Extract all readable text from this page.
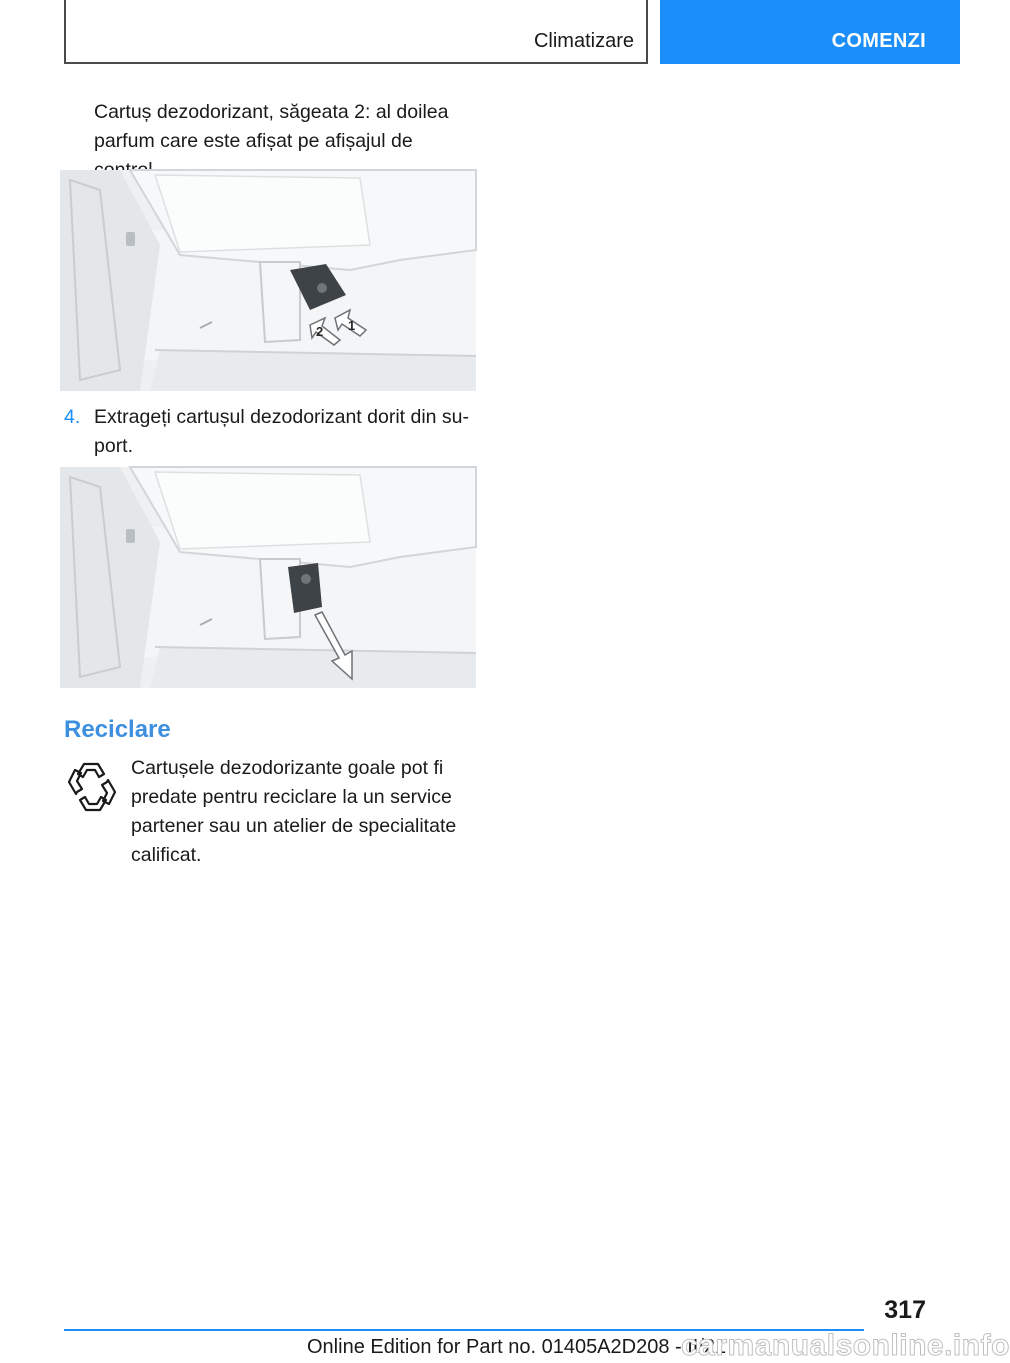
Climatizare	COMENZI
Cartuș dezodorizant, săgeata 2: al doilea parfum care este afișat pe afișajul de
2 1
4. Extrageți cartușul dezodorizant dorit din suport.
Reciclare
Cartușele dezodorizante goale pot fi predate pentru reciclare la un service partener sau un atelier de specialitate calificat.
317
Online Edition for Part no. 01405A2D208 - II/21
carmanualsonline.info
